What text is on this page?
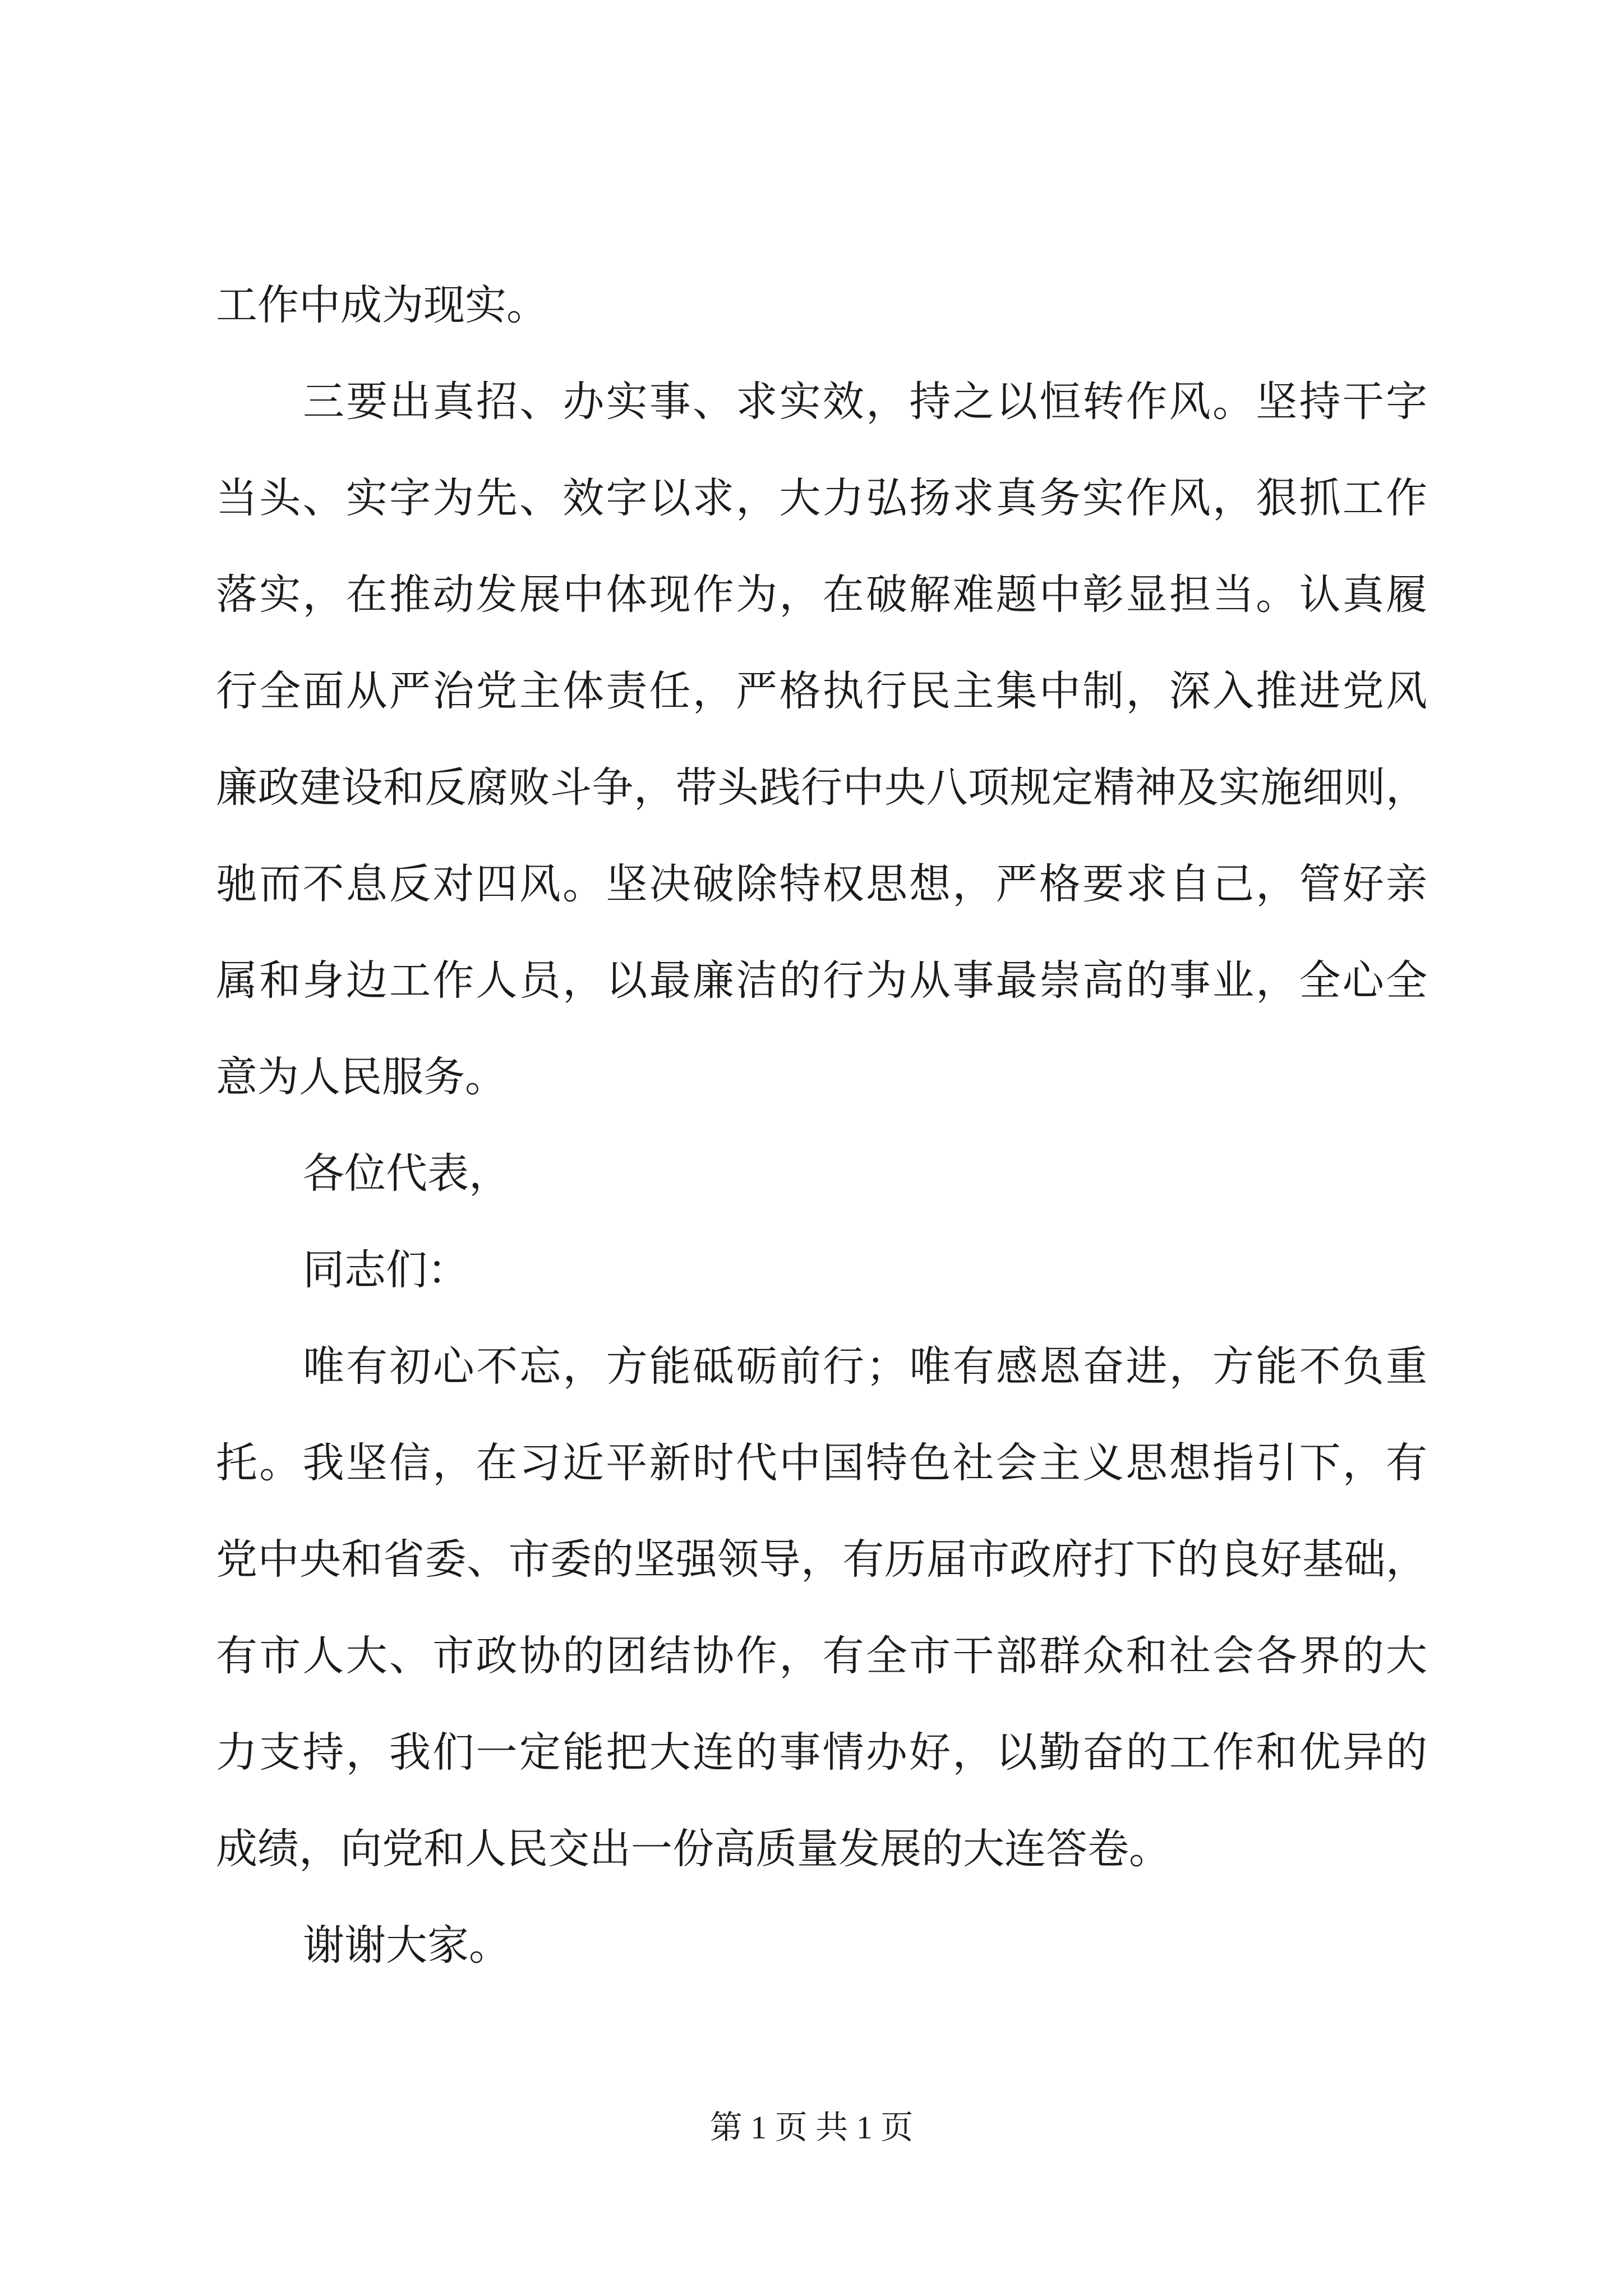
工作中成为现实。
三要出真招、办实事、求实效，持之以恒转作风。坚持干字
当头、实字为先、效字以求，大力弘扬求真务实作风，狠抓工作
落实，在推动发展中体现作为，在破解难题中彰显担当。认真履
行全面从严治党主体责任，严格执行民主集中制，深入推进党风
廉政建设和反腐败斗争，带头践行中央八项规定精神及实施细则，
驰而不息反对四风。坚决破除特权思想，严格要求自己，管好亲
属和身边工作人员，以最廉洁的行为从事最崇高的事业，全心全
意为人民服务。
各位代表，
同志们：
唯有初心不忘，方能砥砺前行；唯有感恩奋进，方能不负重
托。我坚信，在习近平新时代中国特色社会主义思想指引下，有
党中央和省委、市委的坚强领导，有历届市政府打下的良好基础，
有市人大、市政协的团结协作，有全市干部群众和社会各界的大
力支持，我们一定能把大连的事情办好，以勤奋的工作和优异的
成绩，向党和人民交出一份高质量发展的大连答卷。
谢谢大家。
第 1 页 共 1 页
